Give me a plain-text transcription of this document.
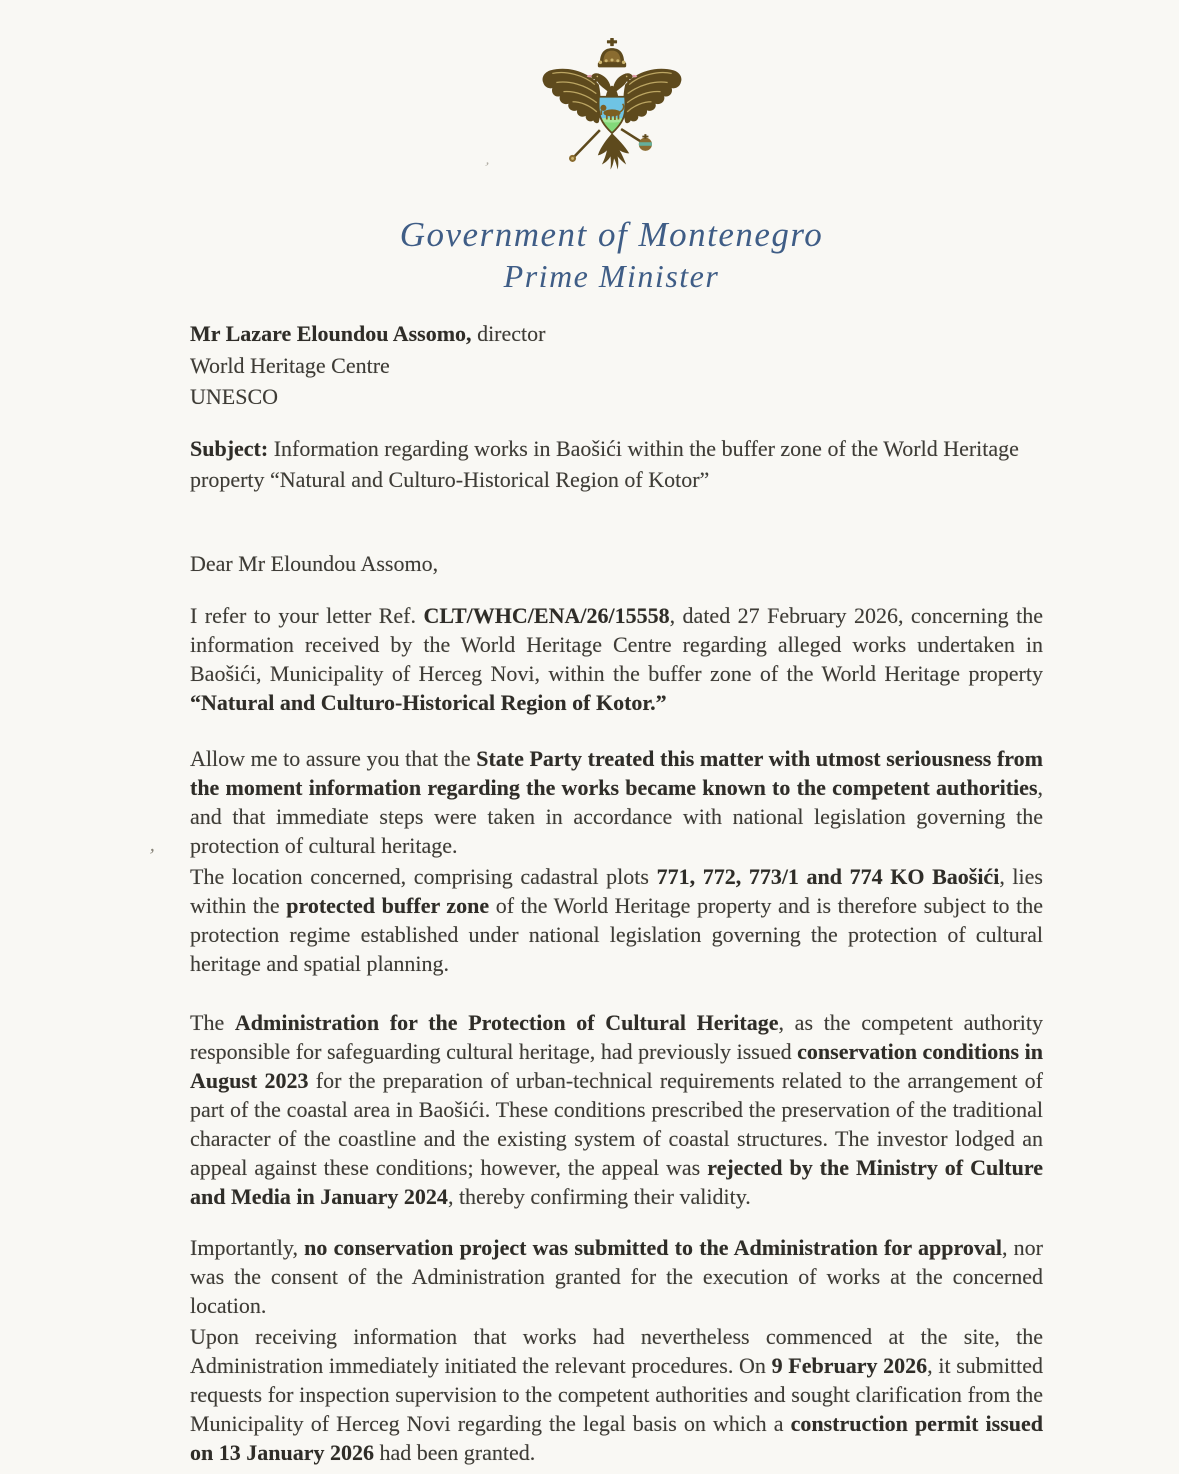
Government of Montenegro
Prime Minister

Mr Lazare Eloundou Assomo, director

World Heritage Centre

UNESCO

Subject: Information regarding works in Baošići within the buffer zone of the World Heritage property “Natural and Culturo-Historical Region of Kotor”

Dear Mr Eloundou Assomo,

I refer to your letter Ref. CLT/WHC/ENA/26/15558, dated 27 February 2026, concerning the information received by the World Heritage Centre regarding alleged works undertaken in Baošići, Municipality of Herceg Novi, within the buffer zone of the World Heritage property “Natural and Culturo-Historical Region of Kotor.”

Allow me to assure you that the State Party treated this matter with utmost seriousness from the moment information regarding the works became known to the competent authorities, and that immediate steps were taken in accordance with national legislation governing the protection of cultural heritage.

The location concerned, comprising cadastral plots 771, 772, 773/1 and 774 KO Baošići, lies within the protected buffer zone of the World Heritage property and is therefore subject to the protection regime established under national legislation governing the protection of cultural heritage and spatial planning.

The Administration for the Protection of Cultural Heritage, as the competent authority responsible for safeguarding cultural heritage, had previously issued conservation conditions in August 2023 for the preparation of urban-technical requirements related to the arrangement of part of the coastal area in Baošići. These conditions prescribed the preservation of the traditional character of the coastline and the existing system of coastal structures. The investor lodged an appeal against these conditions; however, the appeal was rejected by the Ministry of Culture and Media in January 2024, thereby confirming their validity.

Importantly, no conservation project was submitted to the Administration for approval, nor was the consent of the Administration granted for the execution of works at the concerned location.

Upon receiving information that works had nevertheless commenced at the site, the Administration immediately initiated the relevant procedures. On 9 February 2026, it submitted requests for inspection supervision to the competent authorities and sought clarification from the Municipality of Herceg Novi regarding the legal basis on which a construction permit issued on 13 January 2026 had been granted.

’
’
